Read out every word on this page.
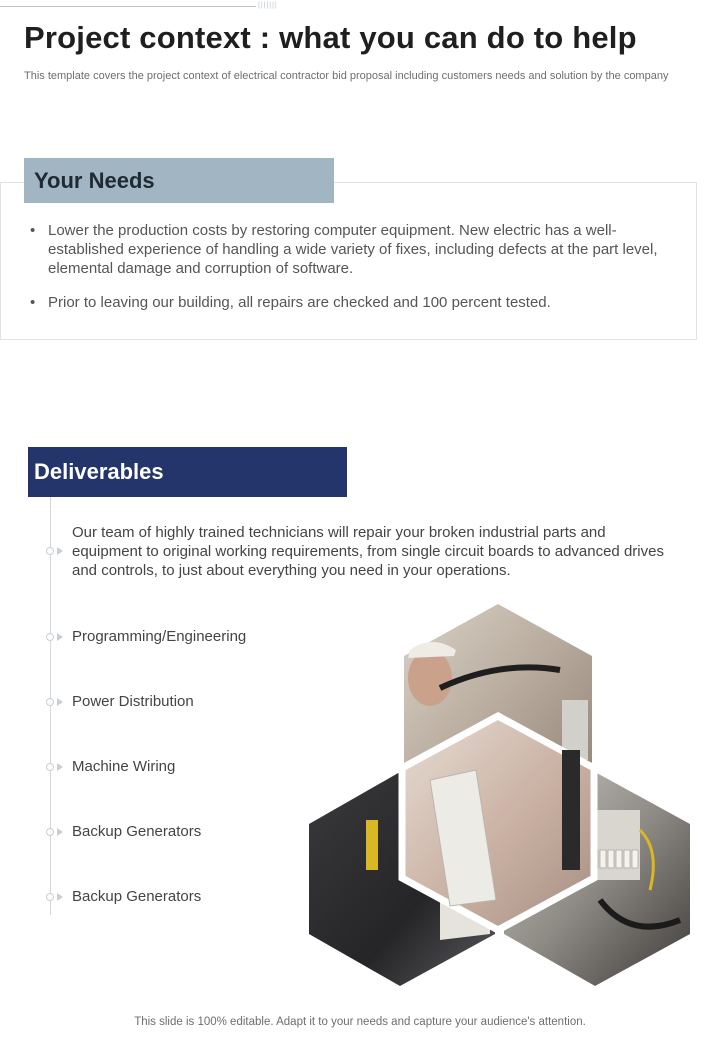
|||||||
Project context : what you can do to help
This template covers the project context of electrical contractor bid proposal including customers needs and solution by the company
Your Needs
• Lower the production costs by restoring computer equipment. New electric has a well-established experience of handling a wide variety of fixes, including defects at the part level, elemental damage and corruption of software.
• Prior to leaving our building, all repairs are checked and 100 percent tested.
Deliverables
Our team of highly trained technicians will repair your broken industrial parts and equipment to original working requirements, from single circuit boards to advanced drives and controls, to just about everything you need in your operations.
Programming/Engineering
Power Distribution
Machine Wiring
Backup Generators
Backup Generators
This slide is 100% editable. Adapt it to your needs and capture your audience's attention.
